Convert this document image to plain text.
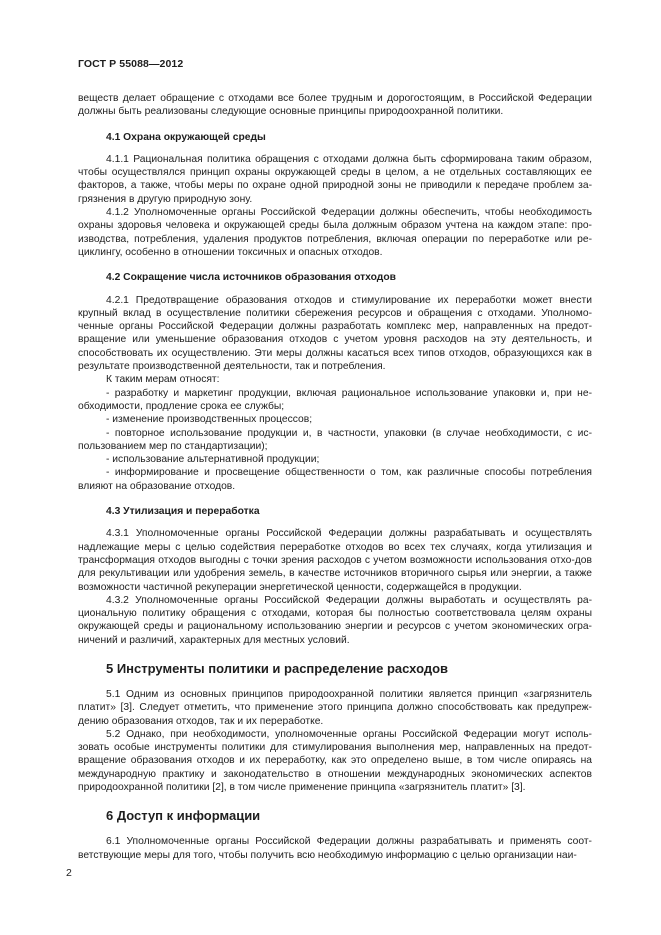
ГОСТ Р 55088—2012

веществ делает обращение с отходами все более трудным и дорогостоящим, в Российской Федерации должны быть реализованы следующие основные принципы природоохранной политики.

4.1 Охрана окружающей среды

4.1.1 Рациональная политика обращения с отходами должна быть сформирована таким образом, чтобы осуществлялся принцип охраны окружающей среды в целом, а не отдельных составляющих ее факторов, а также, чтобы меры по охране одной природной зоны не приводили к передаче проблем за-грязнения в другую природную зону.

4.1.2 Уполномоченные органы Российской Федерации должны обеспечить, чтобы необходимость охраны здоровья человека и окружающей среды была должным образом учтена на каждом этапе: про-изводства, потребления, удаления продуктов потребления, включая операции по переработке или ре-циклингу, особенно в отношении токсичных и опасных отходов.

4.2 Сокращение числа источников образования отходов

4.2.1 Предотвращение образования отходов и стимулирование их переработки может внести крупный вклад в осуществление политики сбережения ресурсов и обращения с отходами. Уполномо-ченные органы Российской Федерации должны разработать комплекс мер, направленных на предот-вращение или уменьшение образования отходов с учетом уровня расходов на эту деятельность, и способствовать их осуществлению. Эти меры должны касаться всех типов отходов, образующихся как в результате производственной деятельности, так и потребления.

К таким мерам относят:

- разработку и маркетинг продукции, включая рациональное использование упаковки и, при не-обходимости, продление срока ее службы;

- изменение производственных процессов;

- повторное использование продукции и, в частности, упаковки (в случае необходимости, с ис-пользованием мер по стандартизации);

- использование альтернативной продукции;

- информирование и просвещение общественности о том, как различные способы потребления влияют на образование отходов.

4.3 Утилизация и переработка

4.3.1 Уполномоченные органы Российской Федерации должны разрабатывать и осуществлять надлежащие меры с целью содействия переработке отходов во всех тех случаях, когда утилизация и трансформация отходов выгодны с точки зрения расходов с учетом возможности использования отхо-дов для рекультивации или удобрения земель, в качестве источников вторичного сырья или энергии, а также возможности частичной рекуперации энергетической ценности, содержащейся в продукции.

4.3.2 Уполномоченные органы Российской Федерации должны выработать и осуществлять ра-циональную политику обращения с отходами, которая бы полностью соответствовала целям охраны окружающей среды и рациональному использованию энергии и ресурсов с учетом экономических огра-ничений и различий, характерных для местных условий.

5 Инструменты политики и распределение расходов

5.1 Одним из основных принципов природоохранной политики является принцип «загрязнитель платит» [3]. Следует отметить, что применение этого принципа должно способствовать как предупреж-дению образования отходов, так и их переработке.

5.2 Однако, при необходимости, уполномоченные органы Российской Федерации могут исполь-зовать особые инструменты политики для стимулирования выполнения мер, направленных на предот-вращение образования отходов и их переработку, как это определено выше, в том числе опираясь на международную практику и законодательство в отношении международных экономических аспектов природоохранной политики [2], в том числе применение принципа «загрязнитель платит» [3].

6 Доступ к информации

6.1 Уполномоченные органы Российской Федерации должны разрабатывать и применять соот-ветствующие меры для того, чтобы получить всю необходимую информацию с целью организации наи-

2
